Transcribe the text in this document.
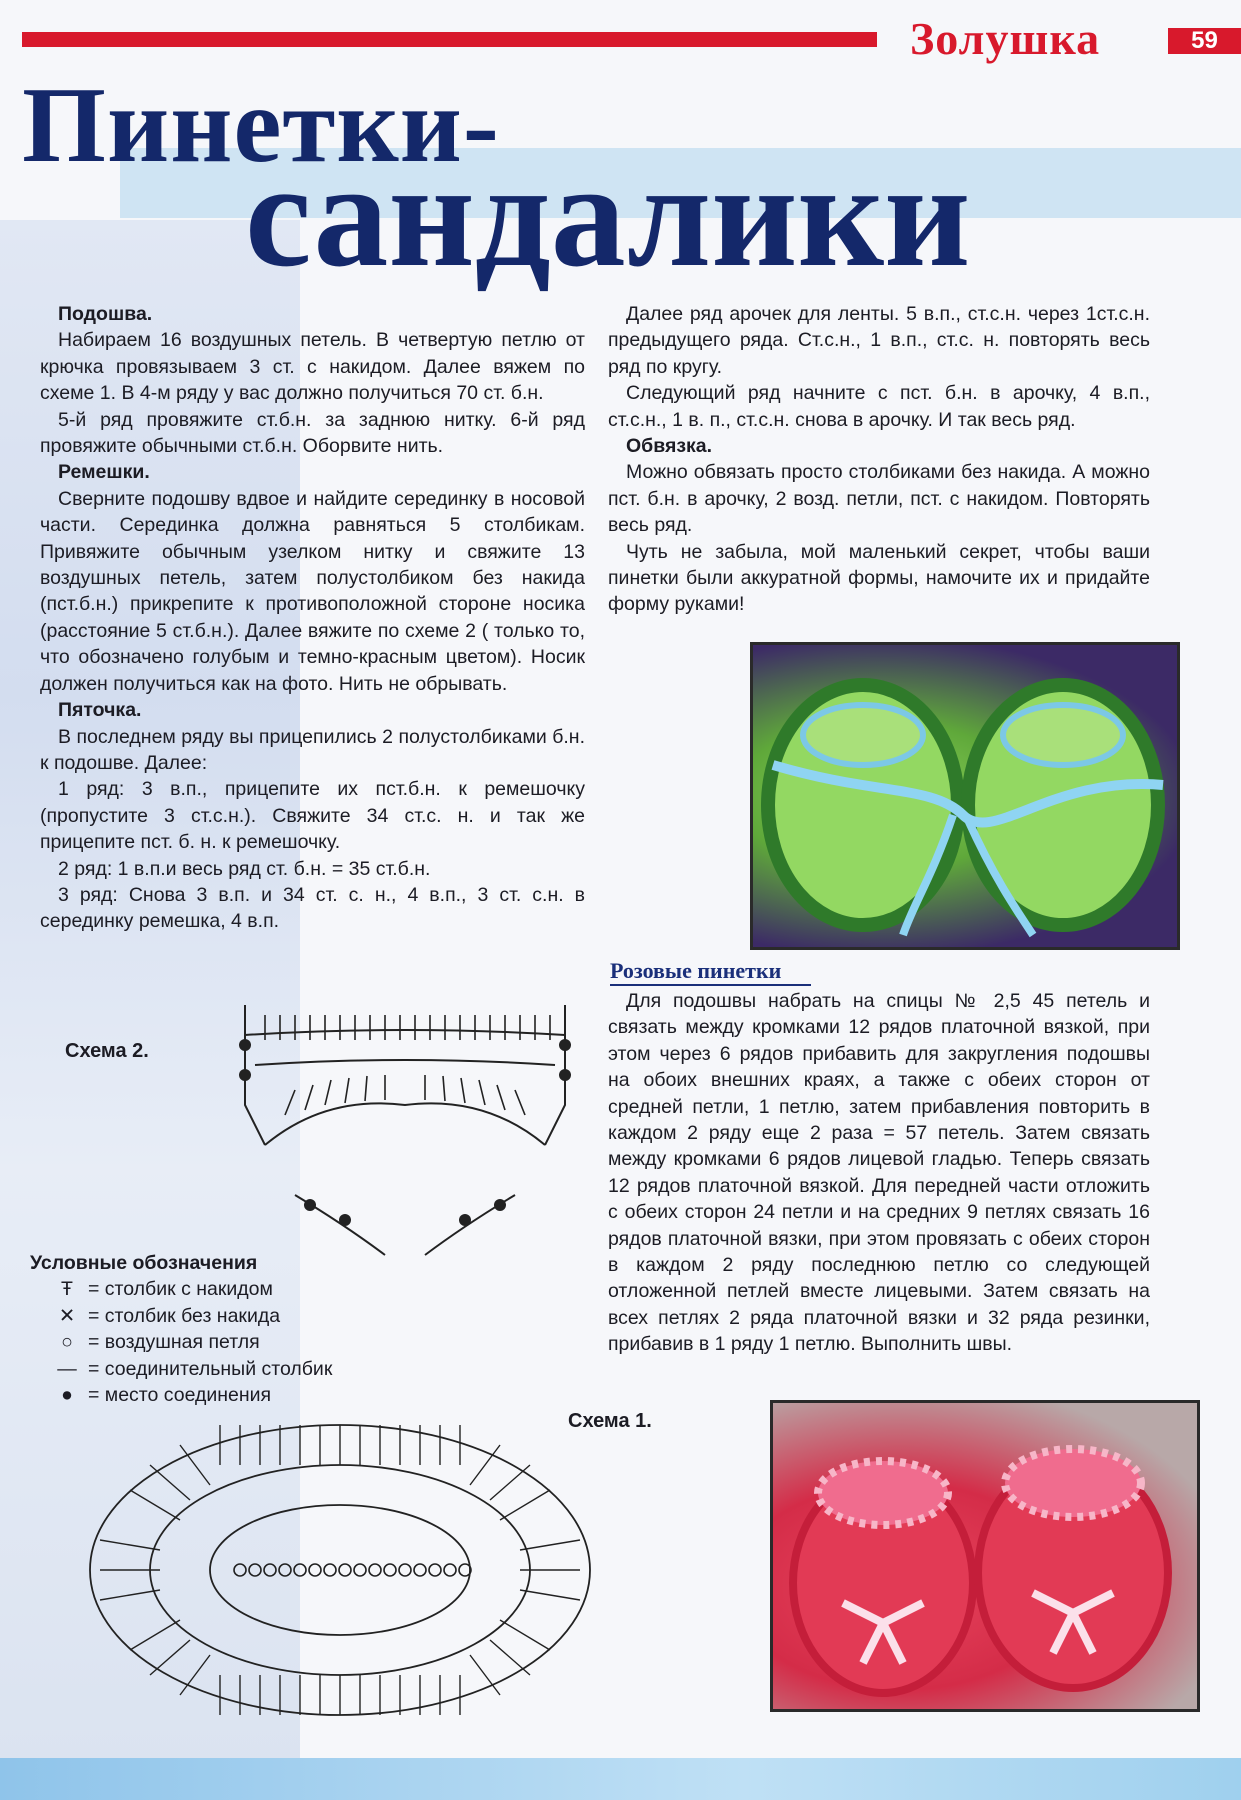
Золушка	59
Пинетки-
сандалики
Подошва.

Набираем 16 воздушных петель. В четвертую петлю от крючка провязываем 3 ст. с накидом. Далее вяжем по схеме 1. В 4-м ряду у вас должно получиться 70 ст. б.н.

5-й ряд провяжите ст.б.н. за заднюю нитку. 6-й ряд провяжите обычными ст.б.н. Оборвите нить.

Ремешки.

Сверните подошву вдвое и найдите серединку в носовой части. Серединка должна равняться 5 столбикам. Привяжите обычным узелком нитку и свяжите 13 воздушных петель, затем полустолбиком без накида (пст.б.н.) прикрепите к противоположной стороне носика (расстояние 5 ст.б.н.). Далее вяжите по схеме 2 ( только то, что обозначено голубым и темно-красным цветом). Носик должен получиться как на фото. Нить не обрывать.

Пяточка.

В последнем ряду вы прицепились 2 полустолбиками б.н. к подошве. Далее:

1 ряд: 3 в.п., прицепите их пст.б.н. к ремешочку (пропустите 3 ст.с.н.). Свяжите 34 ст.с. н. и так же прицепите пст. б. н. к ремешочку.

2 ряд: 1 в.п.и весь ряд ст. б.н. = 35 ст.б.н.

3 ряд: Снова 3 в.п. и 34 ст. с. н., 4 в.п., 3 ст. с.н. в серединку ремешка, 4 в.п.

Далее ряд арочек для ленты. 5 в.п., ст.с.н. через 1ст.с.н. предыдущего ряда. Ст.с.н., 1 в.п., ст.с. н. повторять весь ряд по кругу.

Следующий ряд начните с пст. б.н. в арочку, 4 в.п., ст.с.н., 1 в. п., ст.с.н. снова в арочку. И так весь ряд.

Обвязка.

Можно обвязать просто столбиками без накида. А можно пст. б.н. в арочку, 2 возд. петли, пст. с накидом. Повторять весь ряд.

Чуть не забыла, мой маленький секрет, чтобы ваши пинетки были аккуратной формы, намочите их и придайте форму руками!

Розовые пинетки

Для подошвы набрать на спицы № 2,5 45 петель и связать между кромками 12 рядов платочной вязкой, при этом через 6 рядов прибавить для закругления подошвы на обоих внешних краях, а также с обеих сторон от средней петли, 1 петлю, затем прибавления повторить в каждом 2 ряду еще 2 раза = 57 петель. Затем связать между кромками 6 рядов лицевой гладью. Теперь связать 12 рядов платочной вязкой. Для передней части отложить с обеих сторон 24 петли и на средних 9 петлях связать 16 рядов платочной вязки, при этом провязать с обеих сторон в каждом 2 ряду последнюю петлю со следующей отложенной петлей вместе лицевыми. Затем связать на всех петлях 2 ряда платочной вязки и 32 ряда резинки, прибавив в 1 ряду 1 петлю. Выполнить швы.

Схема 2.
Условные обозначения
Ŧ = столбик с накидом
✕ = столбик без накида
○ = воздушная петля
— = соединительный столбик
● = место соединения
Схема 1.
